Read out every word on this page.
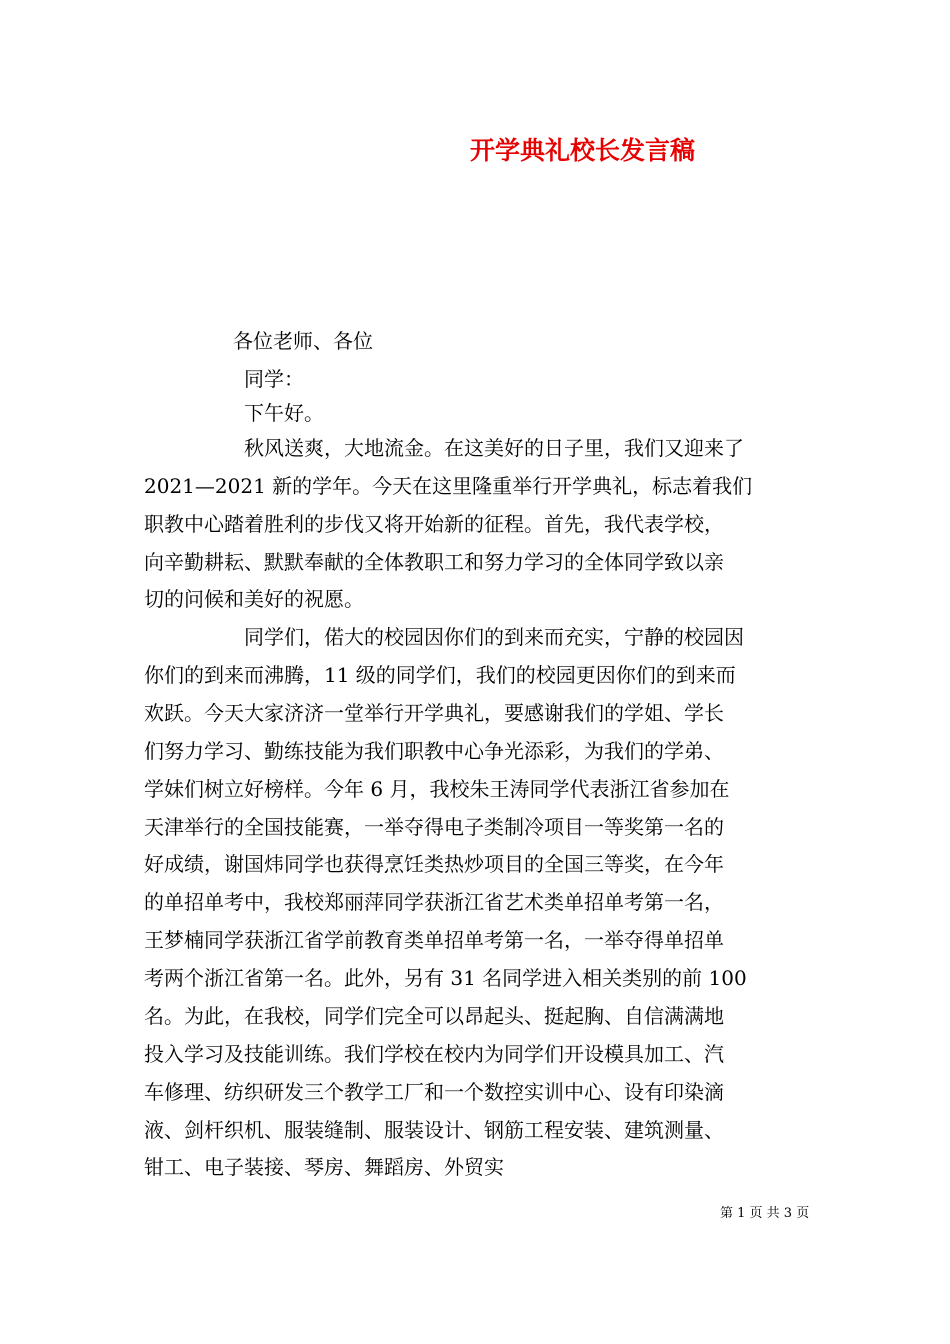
开学典礼校长发言稿
各位老师、各位
同学：
下午好。
秋风送爽，大地流金。在这美好的日子里，我们又迎来了
2021—2021 新的学年。今天在这里隆重举行开学典礼，标志着我们
职教中心踏着胜利的步伐又将开始新的征程。首先，我代表学校，
向辛勤耕耘、默默奉献的全体教职工和努力学习的全体同学致以亲
切的问候和美好的祝愿。
同学们，偌大的校园因你们的到来而充实，宁静的校园因
你们的到来而沸腾，11 级的同学们，我们的校园更因你们的到来而
欢跃。今天大家济济一堂举行开学典礼，要感谢我们的学姐、学长
们努力学习、勤练技能为我们职教中心争光添彩，为我们的学弟、
学妹们树立好榜样。今年 6 月，我校朱王涛同学代表浙江省参加在
天津举行的全国技能赛，一举夺得电子类制冷项目一等奖第一名的
好成绩，谢国炜同学也获得烹饪类热炒项目的全国三等奖，在今年
的单招单考中，我校郑丽萍同学获浙江省艺术类单招单考第一名，
王梦楠同学获浙江省学前教育类单招单考第一名，一举夺得单招单
考两个浙江省第一名。此外，另有 31 名同学进入相关类别的前 100
名。为此，在我校，同学们完全可以昂起头、挺起胸、自信满满地
投入学习及技能训练。我们学校在校内为同学们开设模具加工、汽
车修理、纺织研发三个教学工厂和一个数控实训中心、设有印染滴
液、剑杆织机、服装缝制、服装设计、钢筋工程安装、建筑测量、
钳工、电子装接、琴房、舞蹈房、外贸实
第 1 页 共 3 页
